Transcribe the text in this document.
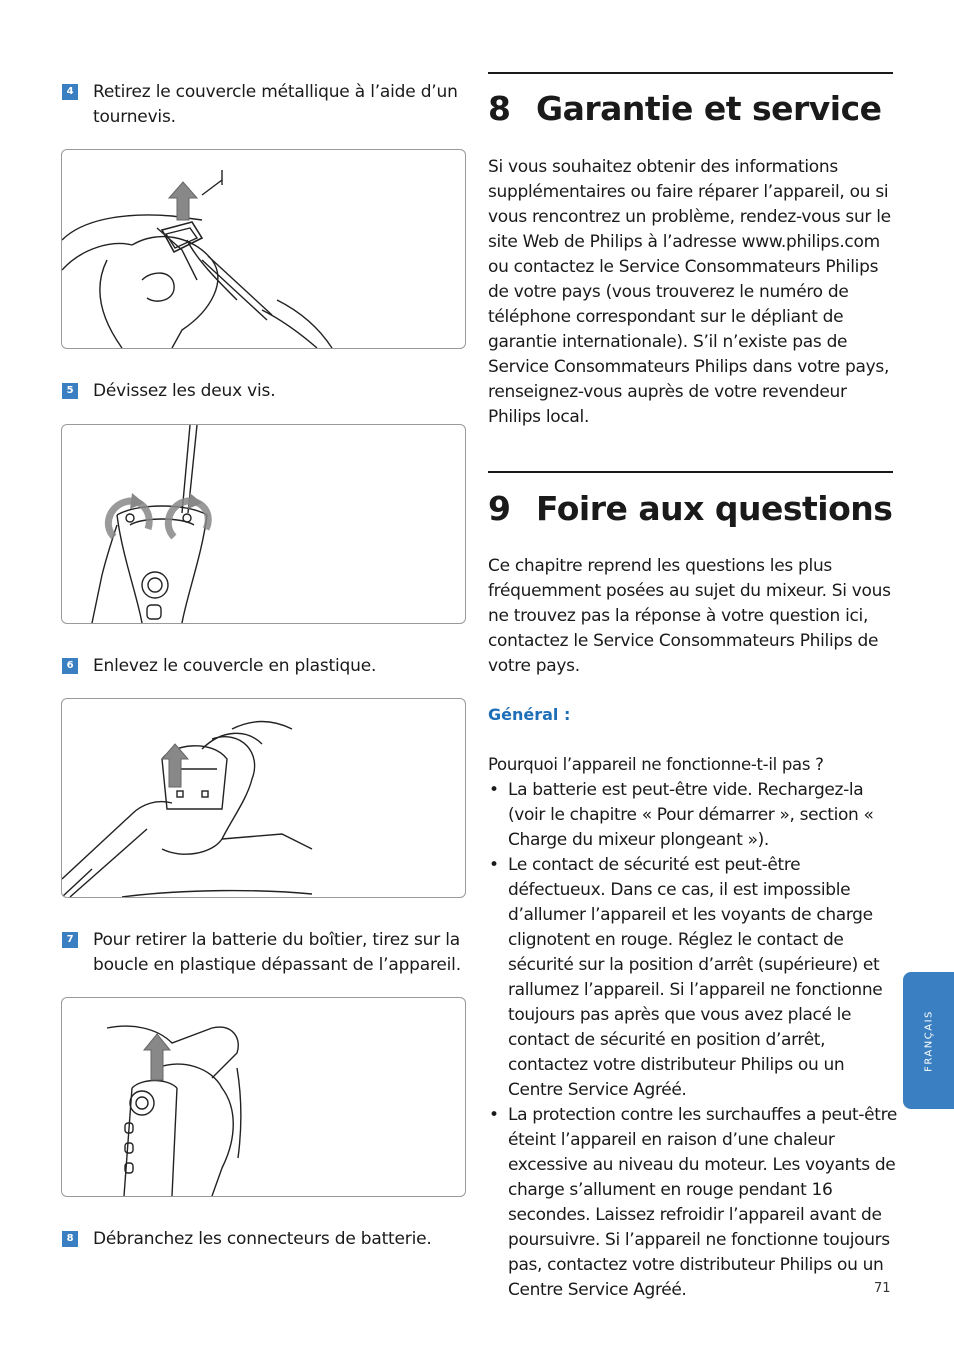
4 Retirez le couvercle métallique à l’aide d’un tournevis.
5 Dévissez les deux vis.
6 Enlevez le couvercle en plastique.
7 Pour retirer la batterie du boîtier, tirez sur la boucle en plastique dépassant de l’appareil.
8 Débranchez les connecteurs de batterie.
8 Garantie et service

Si vous souhaitez obtenir des informations supplémentaires ou faire réparer l’appareil, ou si vous rencontrez un problème, rendez-vous sur le site Web de Philips à l’adresse www.philips.com ou contactez le Service Consommateurs Philips de votre pays (vous trouverez le numéro de téléphone correspondant sur le dépliant de garantie internationale). S’il n’existe pas de Service Consommateurs Philips dans votre pays, renseignez-vous auprès de votre revendeur Philips local.

9 Foire aux questions

Ce chapitre reprend les questions les plus fréquemment posées au sujet du mixeur. Si vous ne trouvez pas la réponse à votre question ici, contactez le Service Consommateurs Philips de votre pays.

Général :
Pourquoi l’appareil ne fonctionne-t-il pas ?
• La batterie est peut-être vide. Rechargez-la (voir le chapitre « Pour démarrer », section « Charge du mixeur plongeant »).
• Le contact de sécurité est peut-être défectueux. Dans ce cas, il est impossible d’allumer l’appareil et les voyants de charge clignotent en rouge. Réglez le contact de sécurité sur la position d’arrêt (supérieure) et rallumez l’appareil. Si l’appareil ne fonctionne toujours pas après que vous avez placé le contact de sécurité en position d’arrêt, contactez votre distributeur Philips ou un Centre Service Agréé.
• La protection contre les surchauffes a peut-être éteint l’appareil en raison d’une chaleur excessive au niveau du moteur. Les voyants de charge s’allument en rouge pendant 16 secondes. Laissez refroidir l’appareil avant de poursuivre. Si l’appareil ne fonctionne toujours pas, contactez votre distributeur Philips ou un Centre Service Agréé.
FRANÇAIS
71
